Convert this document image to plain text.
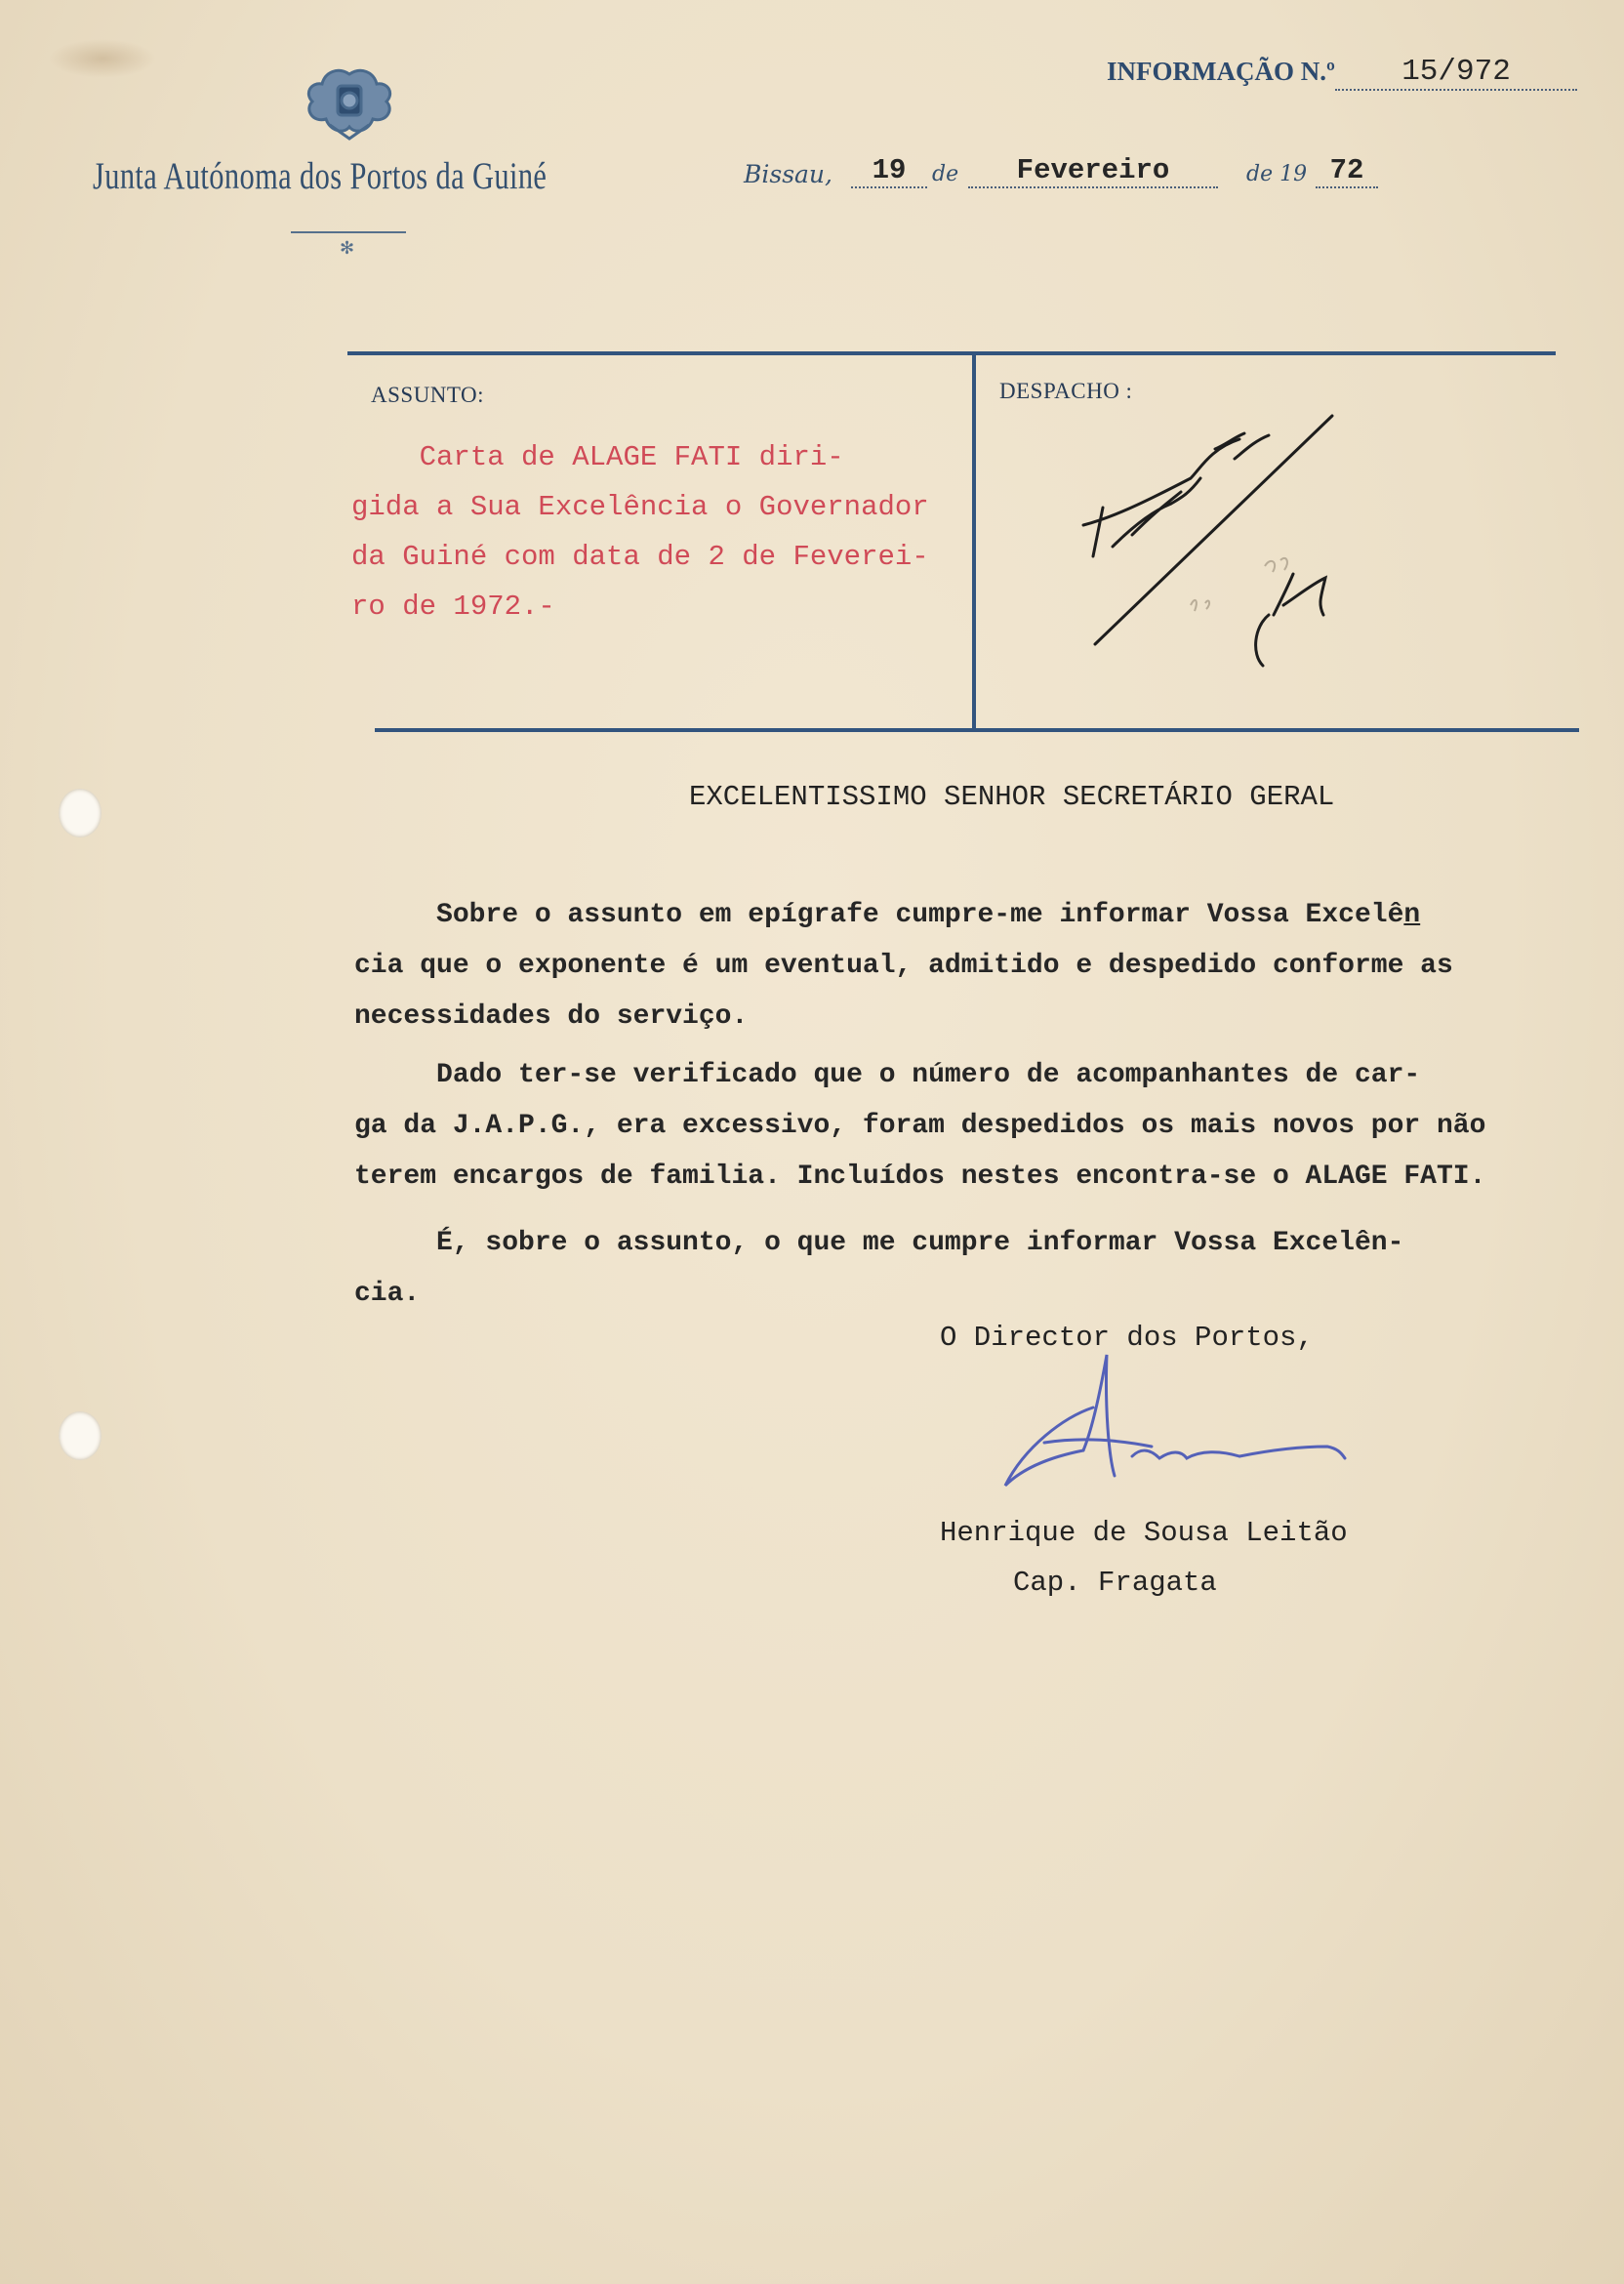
Junta Autónoma dos Portos da Guiné
✻
INFORMAÇÃO N.º	15/972
Bissau,	19	de	Fevereiro	de 19 72
ASSUNTO:	DESPACHO :
Carta de ALAGE FATI diri-
gida a Sua Excelência o Governador
da Guiné com data de 2 de Feverei-
ro de 1972.-
EXCELENTISSIMO SENHOR SECRETÁRIO GERAL
Sobre o assunto em epígrafe cumpre-me informar Vossa Excelên
cia que o exponente é um eventual, admitido e despedido conforme as
necessidades do serviço.
Dado ter-se verificado que o número de acompanhantes de car-
ga da J.A.P.G., era excessivo, foram despedidos os mais novos por não
terem encargos de familia. Incluídos nestes encontra-se o ALAGE FATI.
É, sobre o assunto, o que me cumpre informar Vossa Excelên-
cia.
O Director dos Portos,
Henrique de Sousa Leitão
Cap. Fragata
